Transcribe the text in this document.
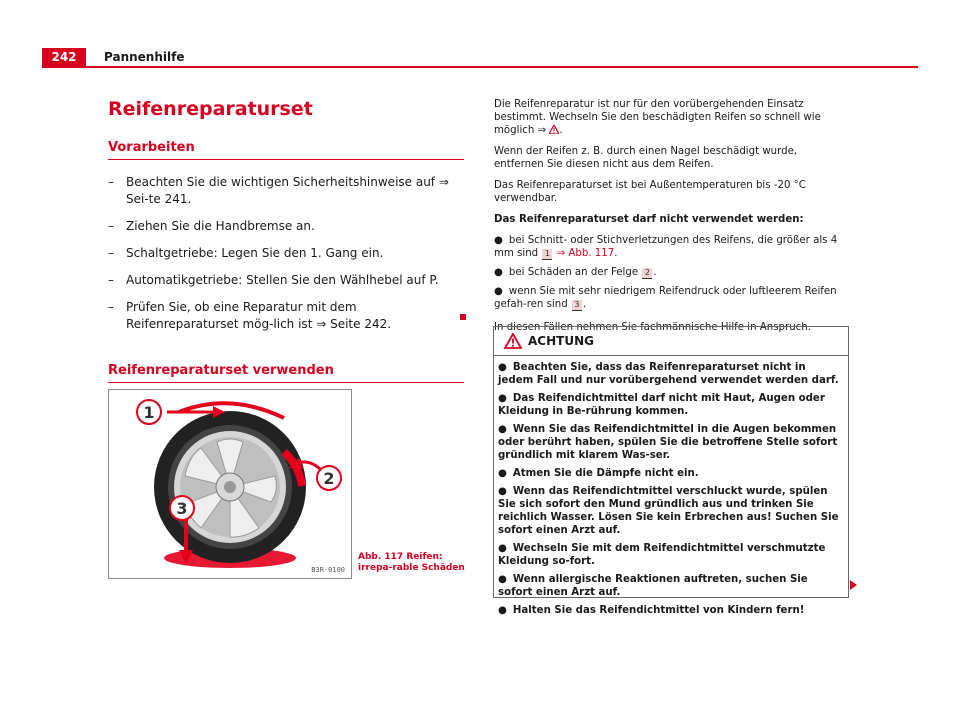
242	Pannenhilfe
Reifenreparaturset
Vorarbeiten
– Beachten Sie die wichtigen Sicherheitshinweise auf ⇒ Sei-te 241.
– Ziehen Sie die Handbremse an.
– Schaltgetriebe: Legen Sie den 1. Gang ein.
– Automatikgetriebe: Stellen Sie den Wählhebel auf P.
– Prüfen Sie, ob eine Reparatur mit dem Reifenreparaturset mög-lich ist ⇒ Seite 242.
Reifenreparaturset verwenden
1
2
3
B3R-0100
Abb. 117 Reifen: irrepa-rable Schäden

Die Reifenreparatur ist nur für den vorübergehenden Einsatz bestimmt. Wechseln Sie den beschädigten Reifen so schnell wie möglich ⇒ .

Wenn der Reifen z. B. durch einen Nagel beschädigt wurde, entfernen Sie diesen nicht aus dem Reifen.

Das Reifenreparaturset ist bei Außentemperaturen bis -20 °C verwendbar.

Das Reifenreparaturset darf nicht verwendet werden:

● bei Schnitt- oder Stichverletzungen des Reifens, die größer als 4 mm sind 1 ⇒ Abb. 117.
● bei Schäden an der Felge 2 .
● wenn Sie mit sehr niedrigem Reifendruck oder luftleerem Reifen gefah-ren sind 3 .

In diesen Fällen nehmen Sie fachmännische Hilfe in Anspruch.

ACHTUNG
● Beachten Sie, dass das Reifenreparaturset nicht in jedem Fall und nur vorübergehend verwendet werden darf.
● Das Reifendichtmittel darf nicht mit Haut, Augen oder Kleidung in Be-rührung kommen.
● Wenn Sie das Reifendichtmittel in die Augen bekommen oder berührt haben, spülen Sie die betroffene Stelle sofort gründlich mit klarem Was-ser.
● Atmen Sie die Dämpfe nicht ein.
● Wenn das Reifendichtmittel verschluckt wurde, spülen Sie sich sofort den Mund gründlich aus und trinken Sie reichlich Wasser. Lösen Sie kein Erbrechen aus! Suchen Sie sofort einen Arzt auf.
● Wechseln Sie mit dem Reifendichtmittel verschmutzte Kleidung so-fort.
● Wenn allergische Reaktionen auftreten, suchen Sie sofort einen Arzt auf.
● Halten Sie das Reifendichtmittel von Kindern fern!
